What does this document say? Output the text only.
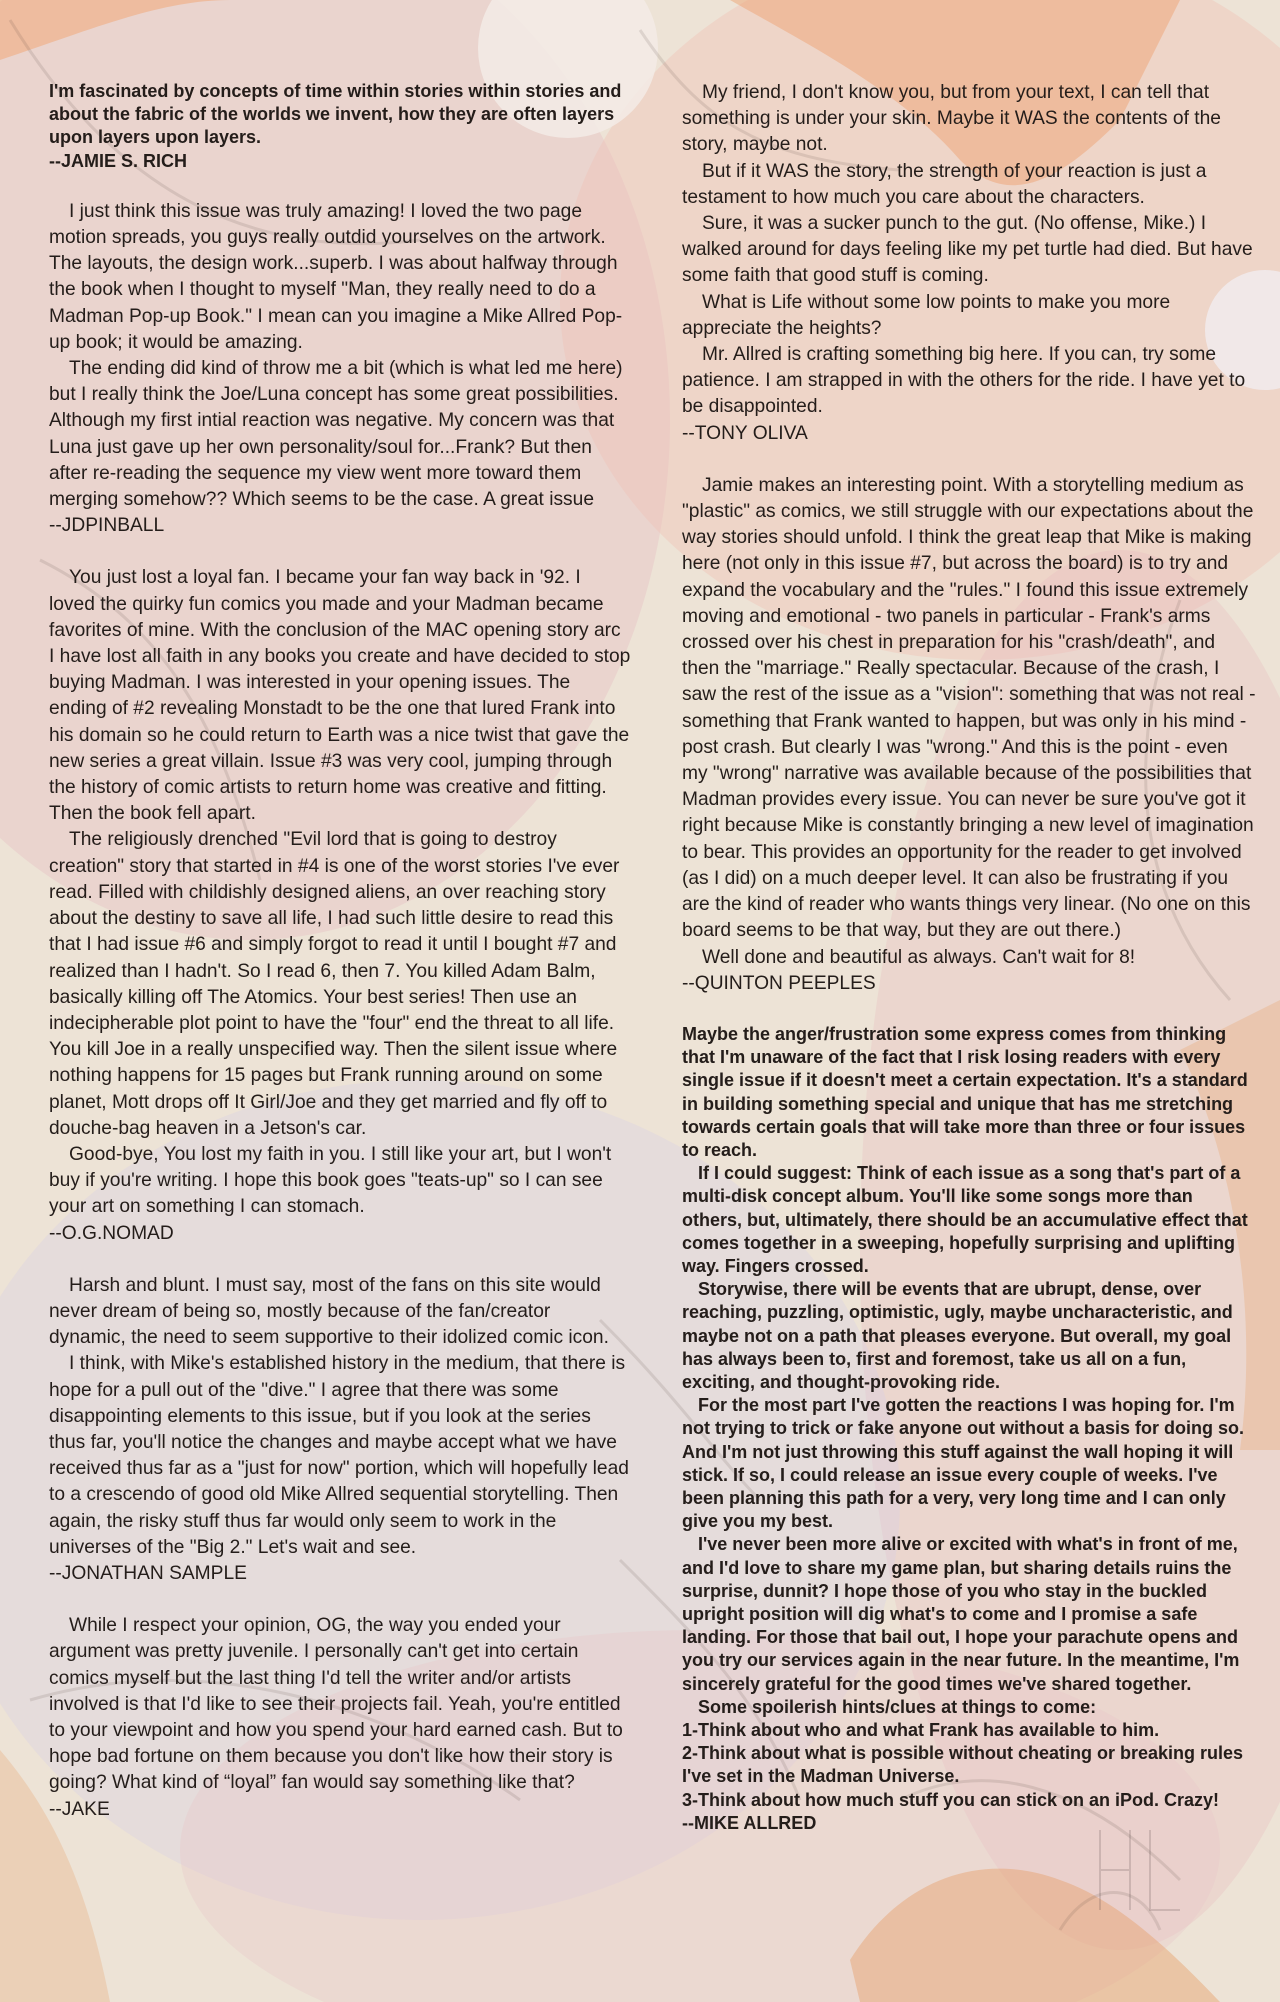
I'm fascinated by concepts of time within stories within stories and about the fabric of the worlds we invent, how they are often layers upon layers upon layers.

--JAMIE S. RICH

I just think this issue was truly amazing! I loved the two page motion spreads, you guys really outdid yourselves on the artwork. The layouts, the design work...superb. I was about halfway through the book when I thought to myself "Man, they really need to do a Madman Pop-up Book." I mean can you imagine a Mike Allred Pop-up book; it would be amazing.

The ending did kind of throw me a bit (which is what led me here) but I really think the Joe/Luna concept has some great possibilities. Although my first intial reaction was negative. My concern was that Luna just gave up her own personality/soul for...Frank? But then after re-reading the sequence my view went more toward them merging somehow?? Which seems to be the case. A great issue

--JDPINBALL

You just lost a loyal fan. I became your fan way back in '92. I loved the quirky fun comics you made and your Madman became favorites of mine. With the conclusion of the MAC opening story arc I have lost all faith in any books you create and have decided to stop buying Madman. I was interested in your opening issues. The ending of #2 revealing Monstadt to be the one that lured Frank into his domain so he could return to Earth was a nice twist that gave the new series a great villain. Issue #3 was very cool, jumping through the history of comic artists to return home was creative and fitting. Then the book fell apart.

The religiously drenched "Evil lord that is going to destroy creation" story that started in #4 is one of the worst stories I've ever read. Filled with childishly designed aliens, an over reaching story about the destiny to save all life, I had such little desire to read this that I had issue #6 and simply forgot to read it until I bought #7 and realized than I hadn't. So I read 6, then 7. You killed Adam Balm, basically killing off The Atomics. Your best series! Then use an indecipherable plot point to have the "four" end the threat to all life. You kill Joe in a really unspecified way. Then the silent issue where nothing happens for 15 pages but Frank running around on some planet, Mott drops off It Girl/Joe and they get married and fly off to douche-bag heaven in a Jetson's car.

Good-bye, You lost my faith in you. I still like your art, but I won't buy if you're writing. I hope this book goes "teats-up" so I can see your art on something I can stomach.

--O.G.NOMAD

Harsh and blunt. I must say, most of the fans on this site would never dream of being so, mostly because of the fan/creator dynamic, the need to seem supportive to their idolized comic icon.

I think, with Mike's established history in the medium, that there is hope for a pull out of the "dive." I agree that there was some disappointing elements to this issue, but if you look at the series thus far, you'll notice the changes and maybe accept what we have received thus far as a "just for now" portion, which will hopefully lead to a crescendo of good old Mike Allred sequential storytelling. Then again, the risky stuff thus far would only seem to work in the universes of the "Big 2." Let's wait and see.

--JONATHAN SAMPLE

While I respect your opinion, OG, the way you ended your argument was pretty juvenile. I personally can't get into certain comics myself but the last thing I'd tell the writer and/or artists involved is that I'd like to see their projects fail. Yeah, you're entitled to your viewpoint and how you spend your hard earned cash. But to hope bad fortune on them because you don't like how their story is going? What kind of “loyal” fan would say something like that?

--JAKE

My friend, I don't know you, but from your text, I can tell that something is under your skin. Maybe it WAS the contents of the story, maybe not.

But if it WAS the story, the strength of your reaction is just a testament to how much you care about the characters.

Sure, it was a sucker punch to the gut. (No offense, Mike.) I walked around for days feeling like my pet turtle had died. But have some faith that good stuff is coming.

What is Life without some low points to make you more appreciate the heights?

Mr. Allred is crafting something big here. If you can, try some patience. I am strapped in with the others for the ride. I have yet to be disappointed.

--TONY OLIVA

Jamie makes an interesting point. With a storytelling medium as "plastic" as comics, we still struggle with our expectations about the way stories should unfold. I think the great leap that Mike is making here (not only in this issue #7, but across the board) is to try and expand the vocabulary and the "rules." I found this issue extremely moving and emotional - two panels in particular - Frank's arms crossed over his chest in preparation for his "crash/death", and then the "marriage." Really spectacular. Because of the crash, I saw the rest of the issue as a "vision": something that was not real - something that Frank wanted to happen, but was only in his mind - post crash. But clearly I was "wrong." And this is the point - even my "wrong" narrative was available because of the possibilities that Madman provides every issue. You can never be sure you've got it right because Mike is constantly bringing a new level of imagination to bear. This provides an opportunity for the reader to get involved (as I did) on a much deeper level. It can also be frustrating if you are the kind of reader who wants things very linear. (No one on this board seems to be that way, but they are out there.)

Well done and beautiful as always. Can't wait for 8!

--QUINTON PEEPLES

Maybe the anger/frustration some express comes from thinking that I'm unaware of the fact that I risk losing readers with every single issue if it doesn't meet a certain expectation. It's a standard in building something special and unique that has me stretching towards certain goals that will take more than three or four issues to reach.

If I could suggest: Think of each issue as a song that's part of a multi-disk concept album. You'll like some songs more than others, but, ultimately, there should be an accumulative effect that comes together in a sweeping, hopefully surprising and uplifting way. Fingers crossed.

Storywise, there will be events that are ubrupt, dense, over reaching, puzzling, optimistic, ugly, maybe uncharacteristic, and maybe not on a path that pleases everyone. But overall, my goal has always been to, first and foremost, take us all on a fun, exciting, and thought-provoking ride.

For the most part I've gotten the reactions I was hoping for. I'm not trying to trick or fake anyone out without a basis for doing so. And I'm not just throwing this stuff against the wall hoping it will stick. If so, I could release an issue every couple of weeks. I've been planning this path for a very, very long time and I can only give you my best.

I've never been more alive or excited with what's in front of me, and I'd love to share my game plan, but sharing details ruins the surprise, dunnit? I hope those of you who stay in the buckled upright position will dig what's to come and I promise a safe landing. For those that bail out, I hope your parachute opens and you try our services again in the near future. In the meantime, I'm sincerely grateful for the good times we've shared together.

Some spoilerish hints/clues at things to come:

1-Think about who and what Frank has available to him.

2-Think about what is possible without cheating or breaking rules I've set in the Madman Universe.

3-Think about how much stuff you can stick on an iPod. Crazy!

--MIKE ALLRED
